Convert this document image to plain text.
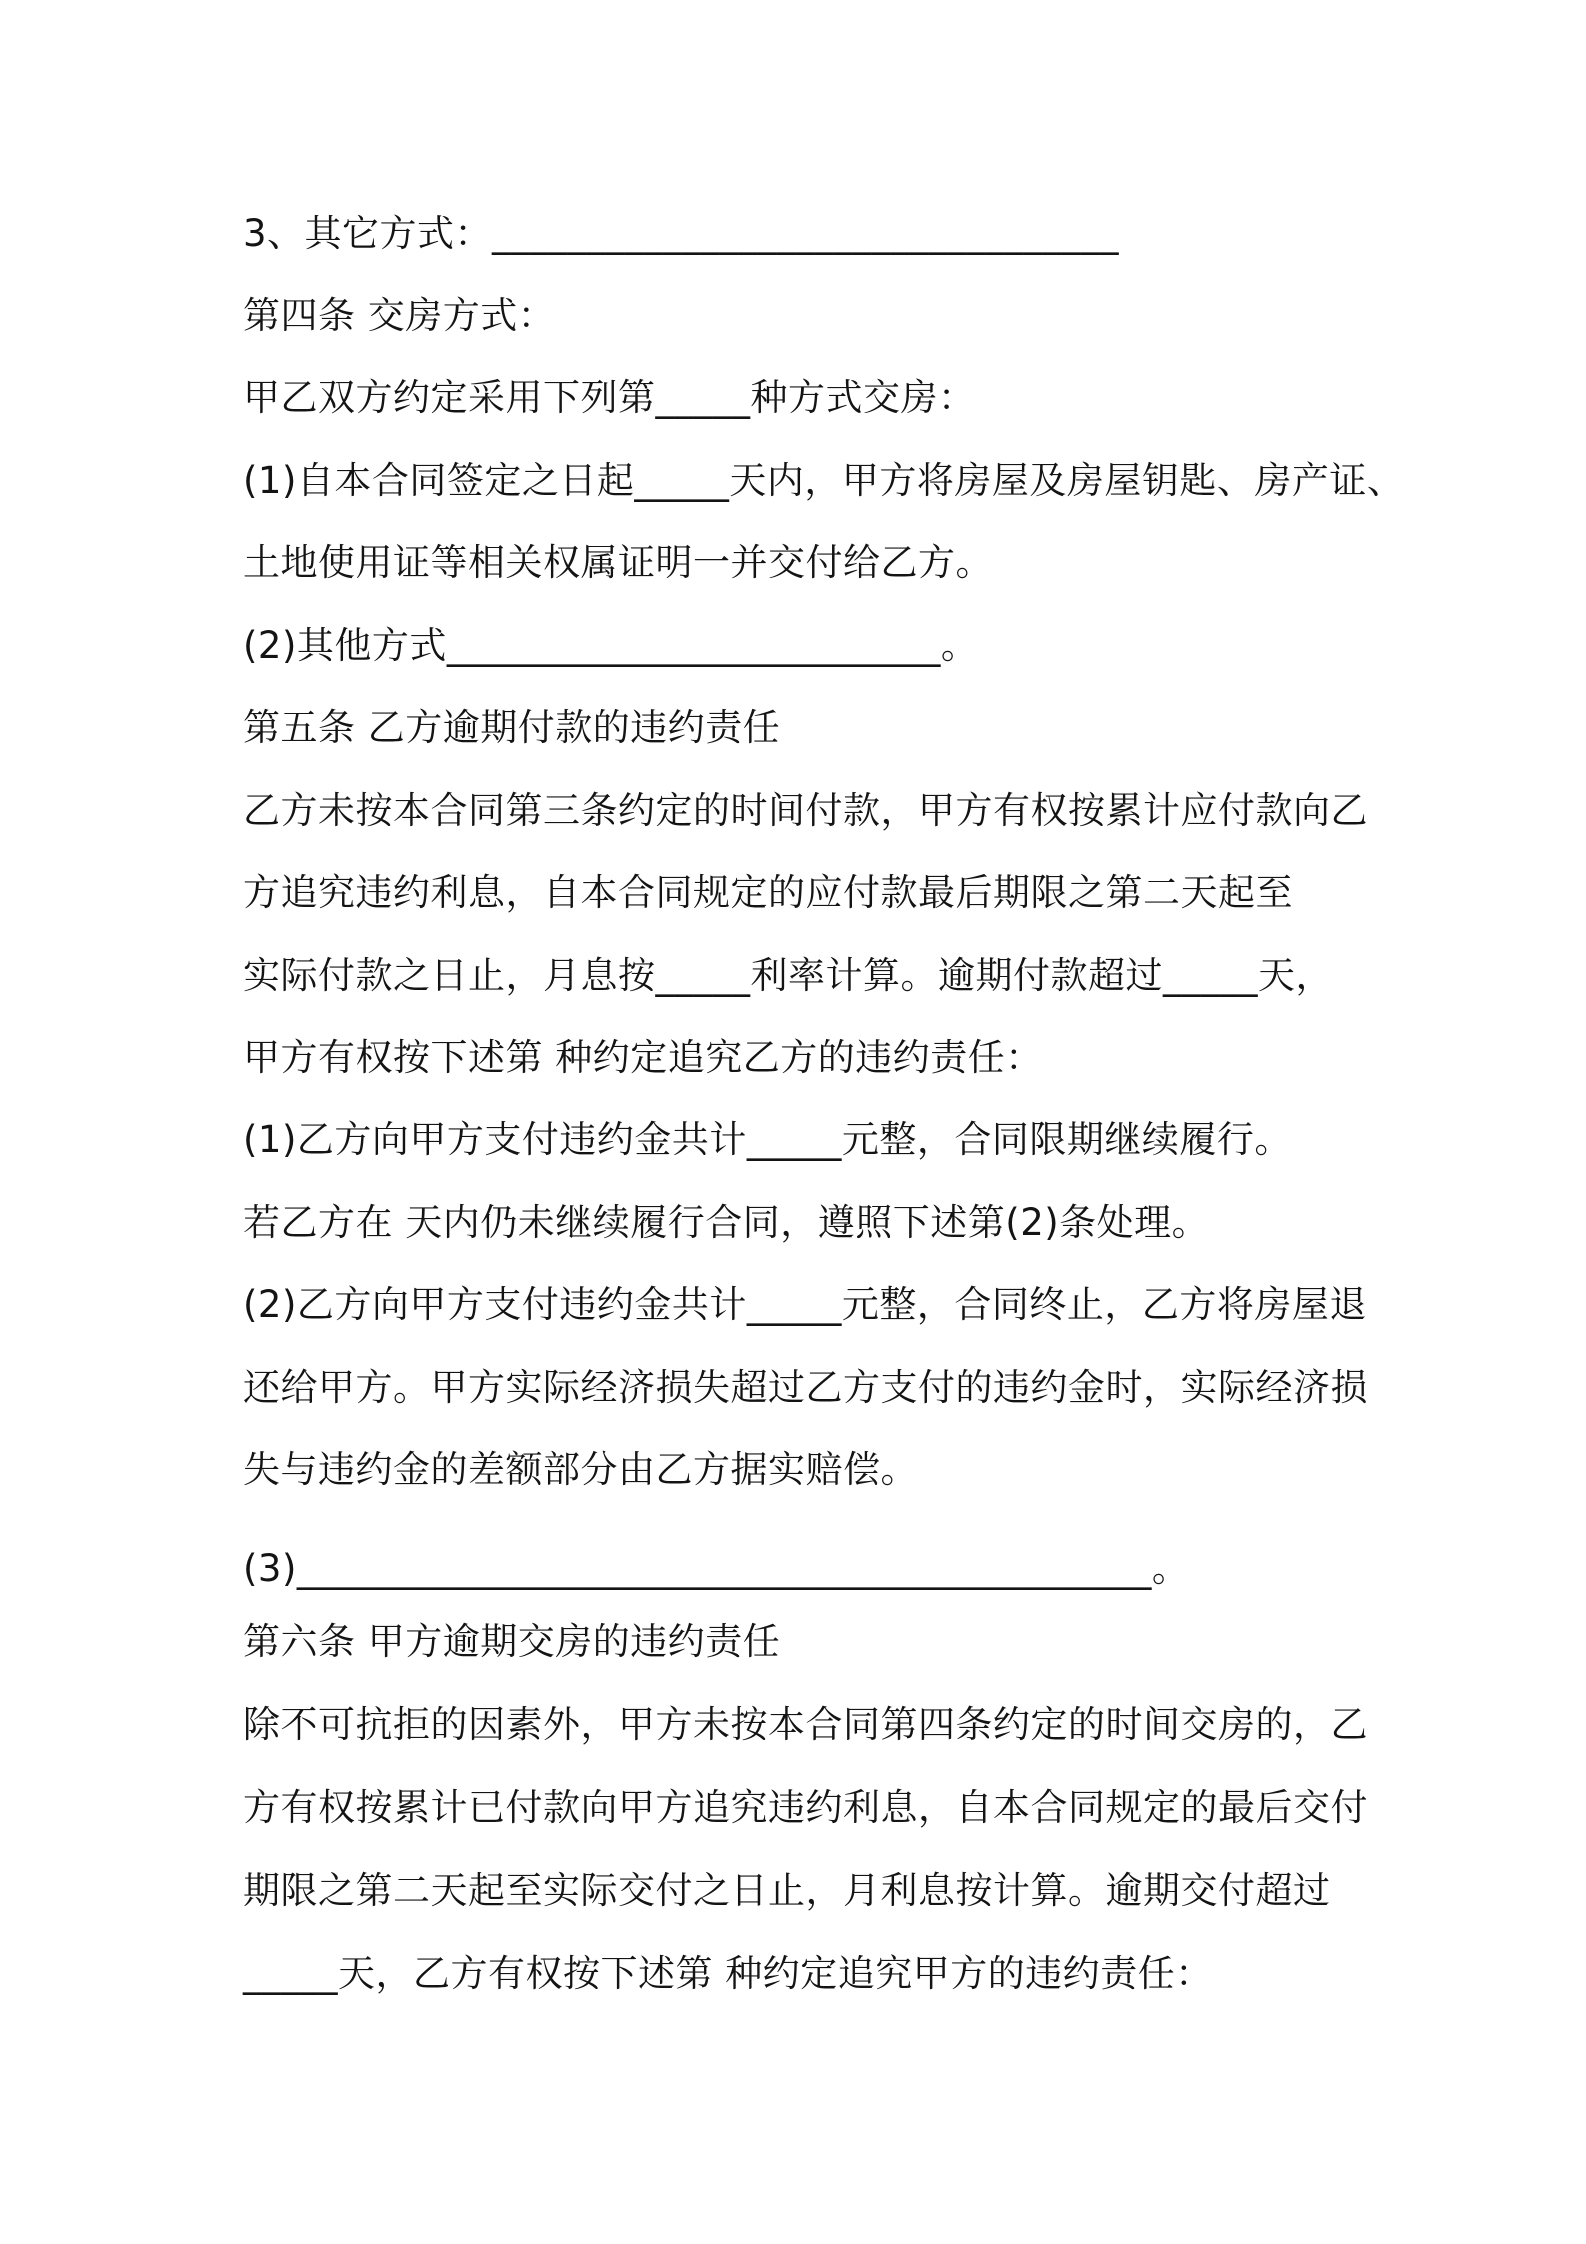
3、其它方式：_________________________________
第四条 交房方式：
甲乙双方约定采用下列第_____种方式交房：
(1)自本合同签定之日起_____天内，甲方将房屋及房屋钥匙、房产证、
土地使用证等相关权属证明一并交付给乙方。
(2)其他方式__________________________。
第五条 乙方逾期付款的违约责任
乙方未按本合同第三条约定的时间付款，甲方有权按累计应付款向乙
方追究违约利息，自本合同规定的应付款最后期限之第二天起至
实际付款之日止，月息按_____利率计算。逾期付款超过_____天，
甲方有权按下述第 种约定追究乙方的违约责任：
(1)乙方向甲方支付违约金共计_____元整，合同限期继续履行。
若乙方在 天内仍未继续履行合同，遵照下述第(2)条处理。
(2)乙方向甲方支付违约金共计_____元整，合同终止，乙方将房屋退
还给甲方。甲方实际经济损失超过乙方支付的违约金时，实际经济损
失与违约金的差额部分由乙方据实赔偿。
(3)_____________________________________________。
第六条 甲方逾期交房的违约责任
除不可抗拒的因素外，甲方未按本合同第四条约定的时间交房的，乙
方有权按累计已付款向甲方追究违约利息，自本合同规定的最后交付
期限之第二天起至实际交付之日止，月利息按计算。逾期交付超过
_____天，乙方有权按下述第 种约定追究甲方的违约责任：
